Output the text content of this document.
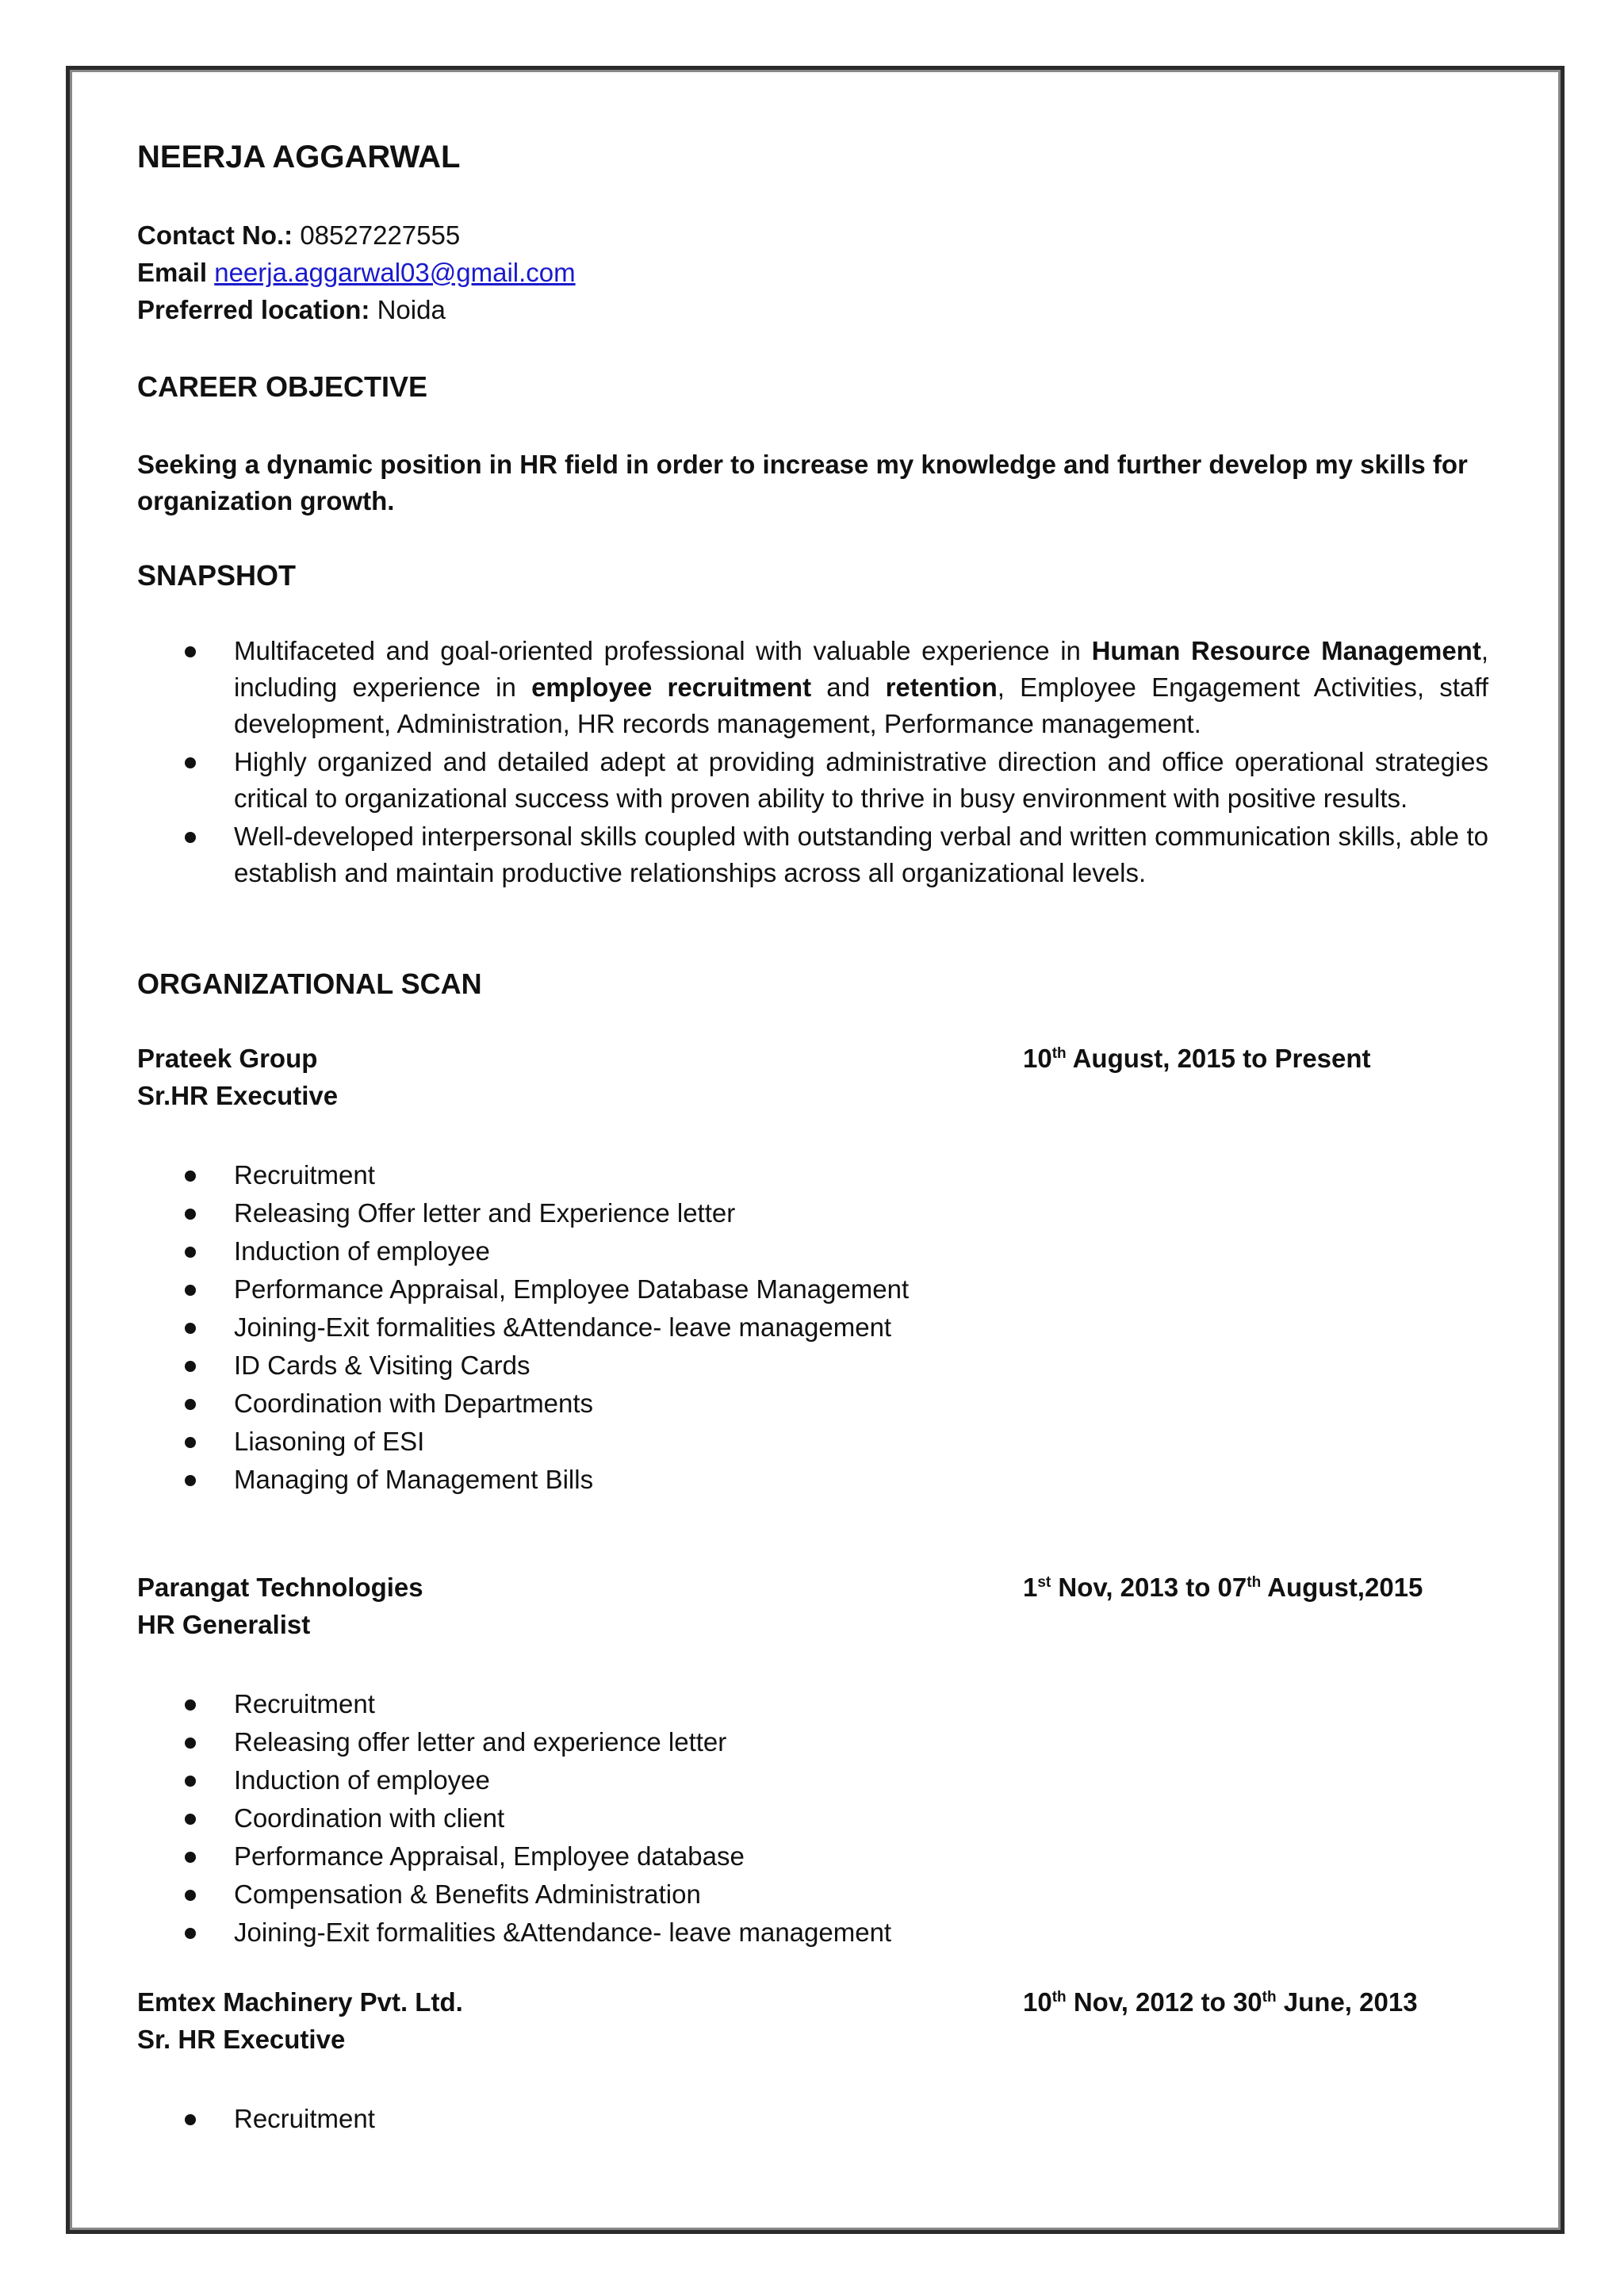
NEERJA AGGARWAL
Contact No.: 08527227555
Email neerja.aggarwal03@gmail.com
Preferred location: Noida
CAREER OBJECTIVE
Seeking a dynamic position in HR field in order to increase my knowledge and further develop my skills for organization growth.
SNAPSHOT
Multifaceted and goal-oriented professional with valuable experience in Human Resource Management, including experience in employee recruitment and retention, Employee Engagement Activities, staff development, Administration, HR records management, Performance management.
Highly organized and detailed adept at providing administrative direction and office operational strategies critical to organizational success with proven ability to thrive in busy environment with positive results.
Well-developed interpersonal skills coupled with outstanding verbal and written communication skills, able to establish and maintain productive relationships across all organizational levels.
ORGANIZATIONAL SCAN
Prateek Group	10th August, 2015 to Present
Sr.HR Executive
Recruitment
Releasing Offer letter and Experience letter
Induction of employee
Performance Appraisal, Employee Database Management
Joining-Exit formalities &Attendance- leave management
ID Cards & Visiting Cards
Coordination with Departments
Liasoning of ESI
Managing of Management Bills
Parangat Technologies	1st Nov, 2013 to 07th August,2015
HR Generalist
Recruitment
Releasing offer letter and experience letter
Induction of employee
Coordination with client
Performance Appraisal, Employee database
Compensation & Benefits Administration
Joining-Exit formalities &Attendance- leave management
Emtex Machinery Pvt. Ltd.	10th Nov, 2012 to 30th June, 2013
Sr. HR Executive
Recruitment
